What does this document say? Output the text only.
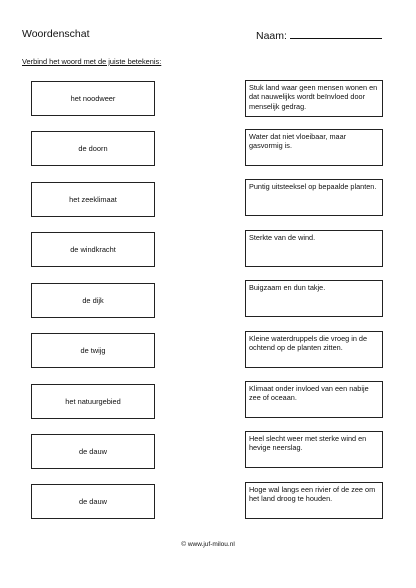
Woordenschat	Naam:
Verbind het woord met de juiste betekenis:
het noodweer
de doorn
het zeeklimaat
de windkracht
de dijk
de twijg
het natuurgebied
de dauw
de dauw
Stuk land waar geen mensen wonen en dat nauwelijks wordt beïnvloed door menselijk gedrag.
Water dat niet vloeibaar, maar gasvormig is.
Puntig uitsteeksel op bepaalde planten.
Sterkte van de wind.
Buigzaam en dun takje.
Kleine waterdruppels die vroeg in de ochtend op de planten zitten.
Klimaat onder invloed van een nabije zee of oceaan.
Heel slecht weer met sterke wind en hevige neerslag.
Hoge wal langs een rivier of de zee om het land droog te houden.
© www.juf-milou.nl
